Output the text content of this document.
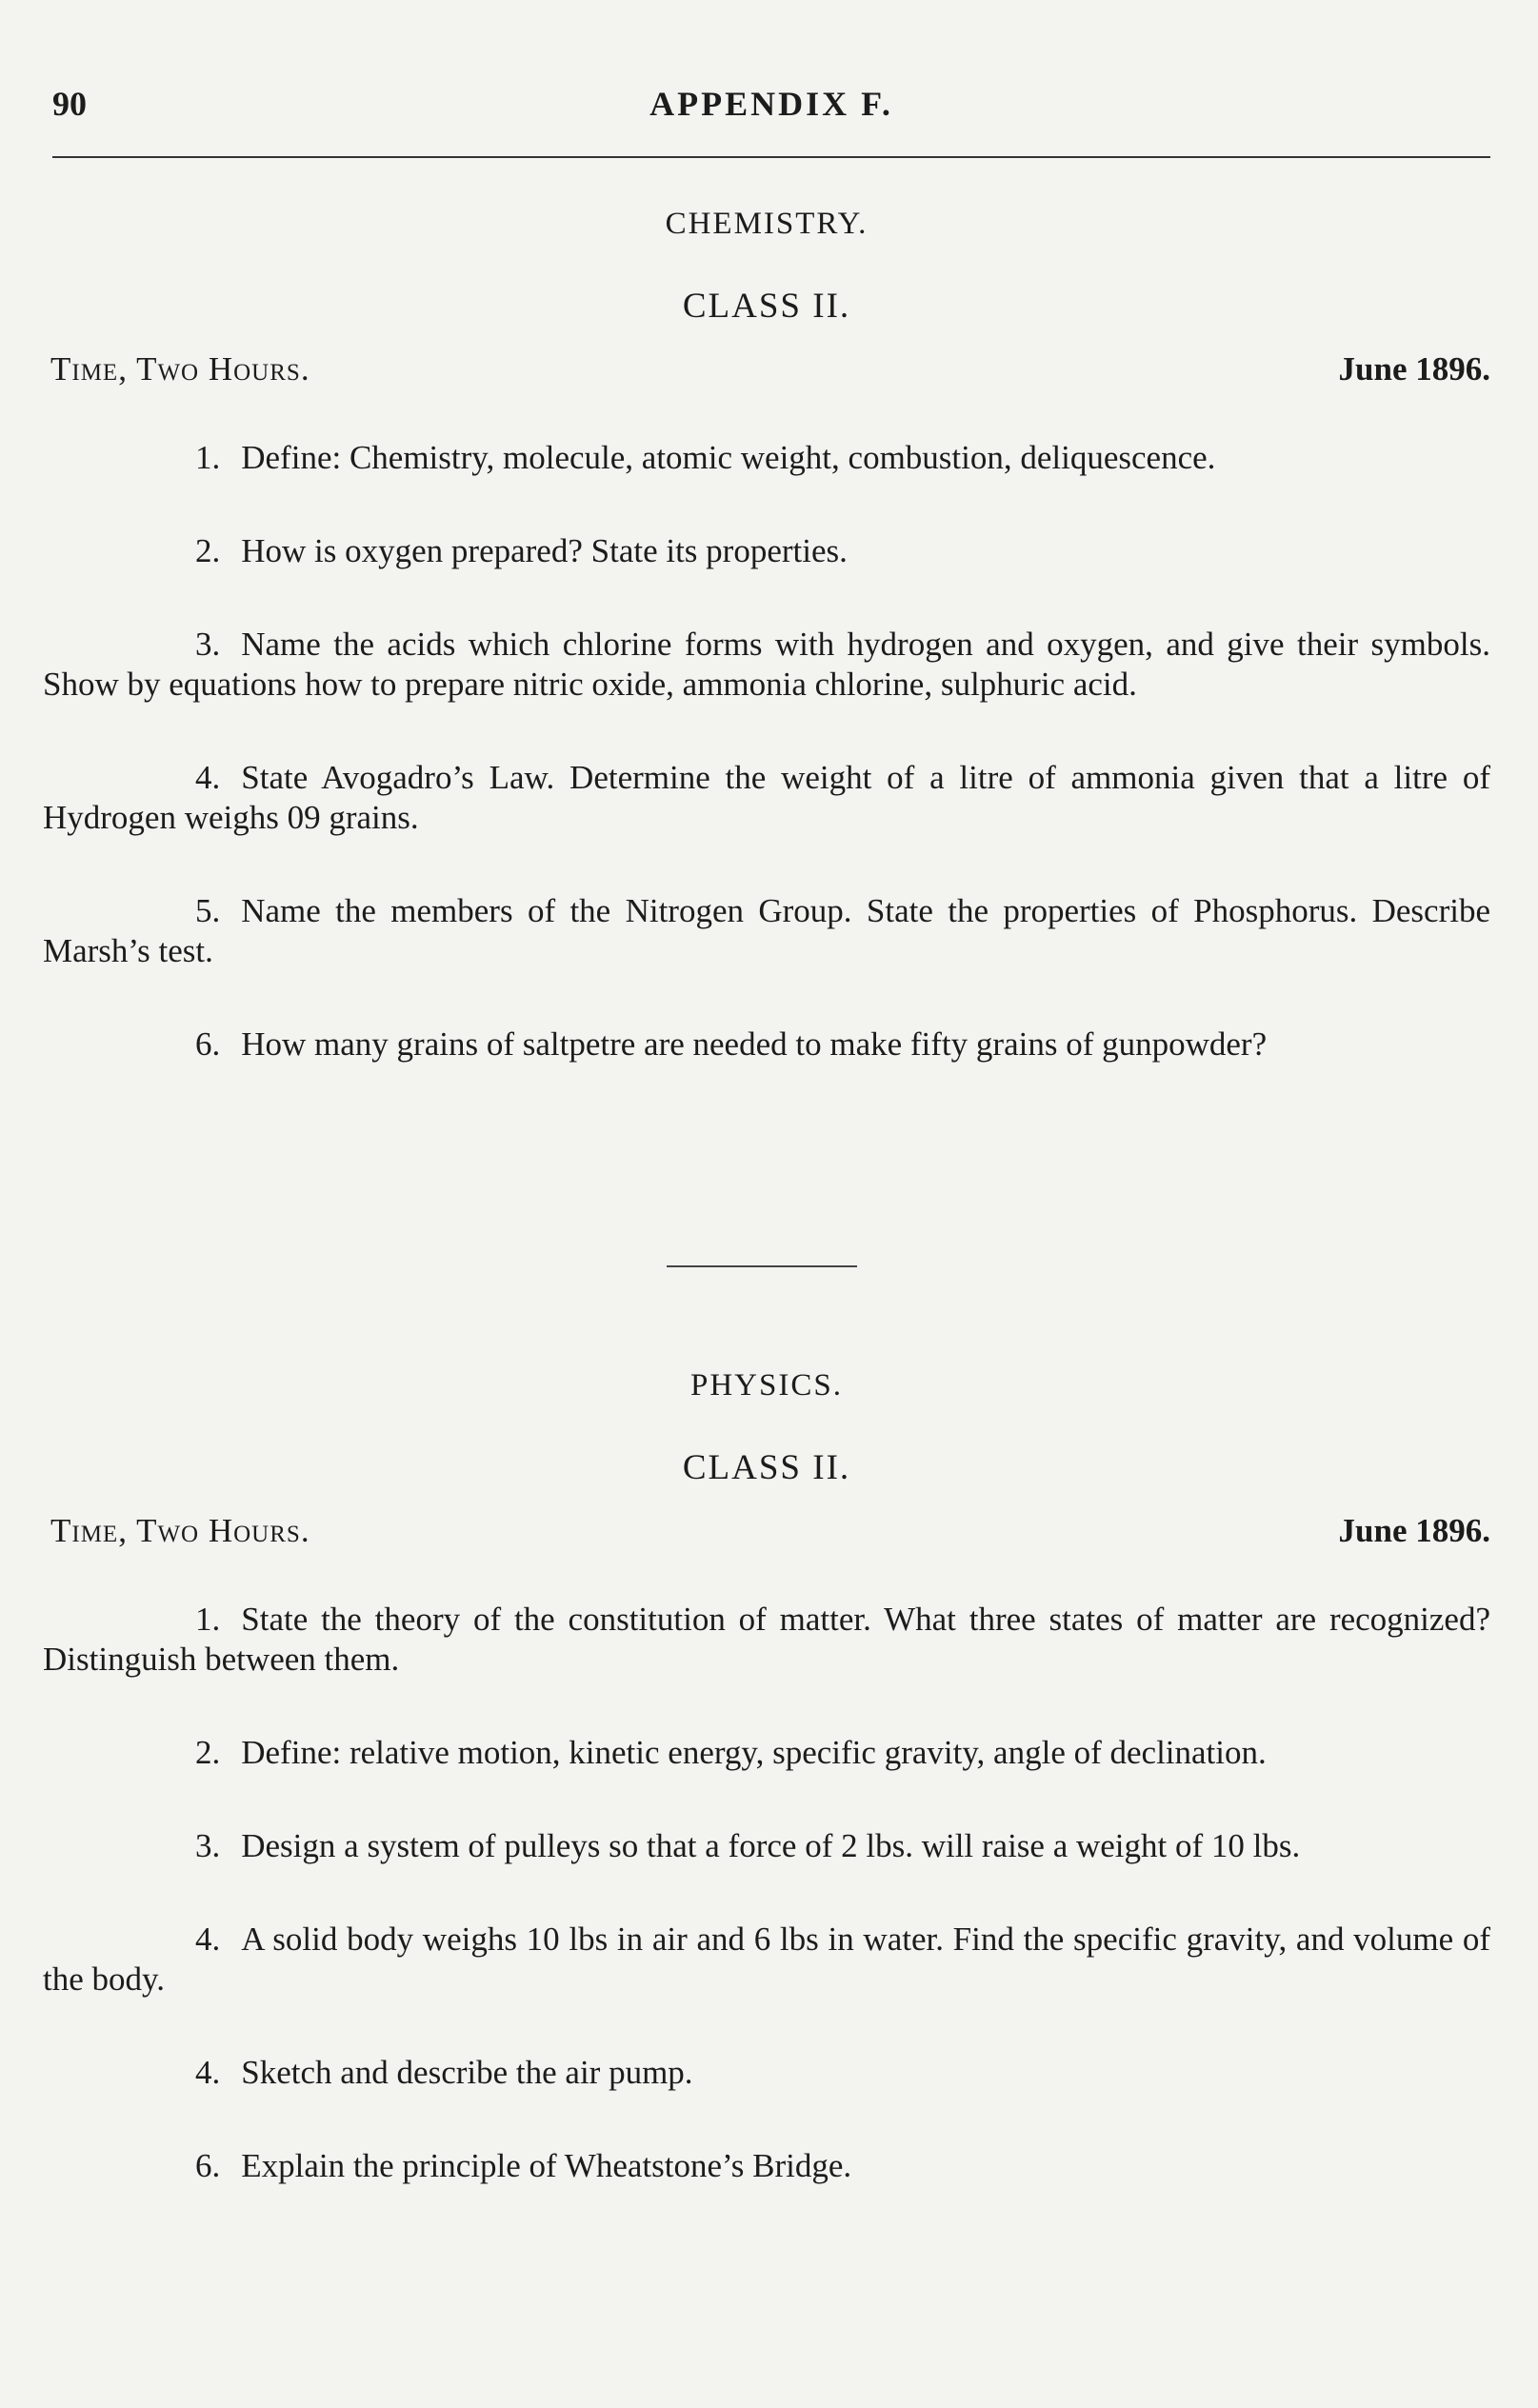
90	APPENDIX F.
CHEMISTRY.
CLASS II.
Time, Two Hours.	June 1896.

1. Define: Chemistry, molecule, atomic weight, combustion, deliquescence.

2. How is oxygen prepared? State its properties.

3. Name the acids which chlorine forms with hydrogen and oxygen, and give their symbols. Show by equations how to prepare nitric oxide, ammonia chlorine, sulphuric acid.

4. State Avogadro’s Law. Determine the weight of a litre of ammonia given that a litre of Hydrogen weighs 09 grains.

5. Name the members of the Nitrogen Group. State the properties of Phosphorus. Describe Marsh’s test.

6. How many grains of saltpetre are needed to make fifty grains of gunpowder?

PHYSICS.
CLASS II.
Time, Two Hours.	June 1896.

1. State the theory of the constitution of matter. What three states of matter are recognized? Distinguish between them.

2. Define: relative motion, kinetic energy, specific gravity, angle of declination.

3. Design a system of pulleys so that a force of 2 lbs. will raise a weight of 10 lbs.

4. A solid body weighs 10 lbs in air and 6 lbs in water. Find the specific gravity, and volume of the body.

4. Sketch and describe the air pump.

6. Explain the principle of Wheatstone’s Bridge.
